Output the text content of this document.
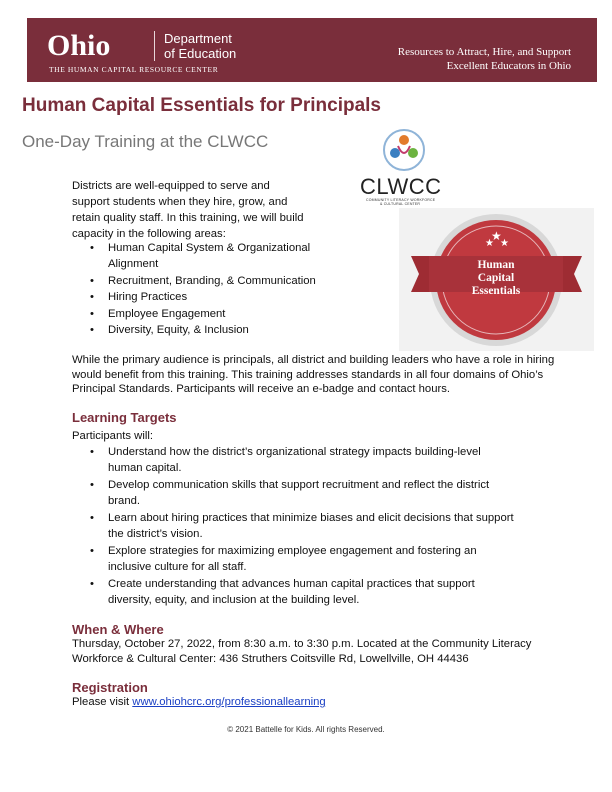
Ohio	Department
of Education
THE HUMAN CAPITAL RESOURCE CENTER
Resources to Attract, Hire, and Support
Excellent Educators in Ohio
Human Capital Essentials for Principals
One-Day Training at the CLWCC
CLWCC
COMMUNITY LITERACY WORKFORCE
& CULTURAL CENTER
★
★
★
Human
Capital
Essentials

Districts are well-equipped to serve and

support students when they hire, grow, and

retain quality staff. In this training, we will build

capacity in the following areas:

• Human Capital System & Organizational
Alignment
• Recruitment, Branding, & Communication
• Hiring Practices
• Employee Engagement
• Diversity, Equity, & Inclusion
While the primary audience is principals, all district and building leaders who have a role in hiring
would benefit from this training. This training addresses standards in all four domains of Ohio’s
Principal Standards. Participants will receive an e-badge and contact hours.
Learning Targets
Participants will:
• Understand how the district’s organizational strategy impacts building-level
human capital.
• Develop communication skills that support recruitment and reflect the district
brand.
• Learn about hiring practices that minimize biases and elicit decisions that support
the district’s vision.
• Explore strategies for maximizing employee engagement and fostering an
inclusive culture for all staff.
• Create understanding that advances human capital practices that support
diversity, equity, and inclusion at the building level.
When & Where
Thursday, October 27, 2022, from 8:30 a.m. to 3:30 p.m. Located at the Community Literacy
Workforce & Cultural Center: 436 Struthers Coitsville Rd, Lowellville, OH 44436
Registration
Please visit www.ohiohcrc.org/professionallearning
© 2021 Battelle for Kids. All rights Reserved.
